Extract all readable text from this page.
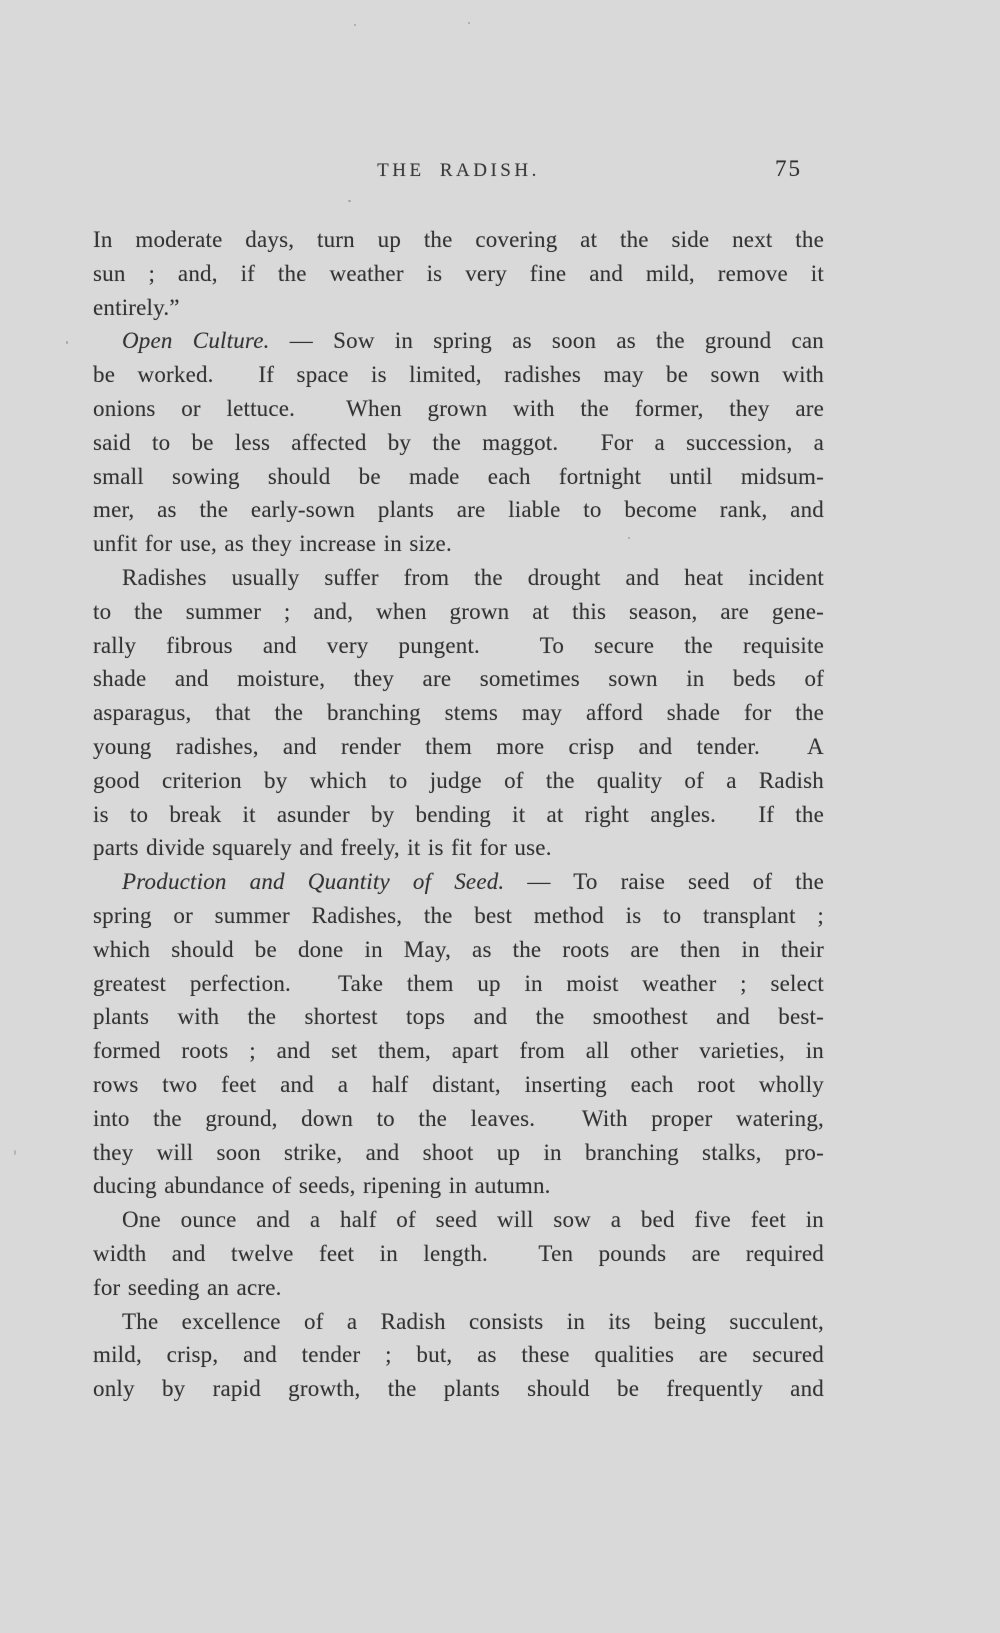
THE RADISH.	75
In moderate days, turn up the covering at the side next the
sun ; and, if the weather is very fine and mild, remove it
entirely.”
Open Culture. — Sow in spring as soon as the ground can
be worked.  If space is limited, radishes may be sown with
onions or lettuce.  When grown with the former, they are
said to be less affected by the maggot.  For a succession, a
small sowing should be made each fortnight until midsum-
mer, as the early-sown plants are liable to become rank, and
unfit for use, as they increase in size.
Radishes usually suffer from the drought and heat incident
to the summer ; and, when grown at this season, are gene-
rally fibrous and very pungent.  To secure the requisite
shade and moisture, they are sometimes sown in beds of
asparagus, that the branching stems may afford shade for the
young radishes, and render them more crisp and tender.  A
good criterion by which to judge of the quality of a Radish
is to break it asunder by bending it at right angles.  If the
parts divide squarely and freely, it is fit for use.
Production and Quantity of Seed. — To raise seed of the
spring or summer Radishes, the best method is to transplant ;
which should be done in May, as the roots are then in their
greatest perfection.  Take them up in moist weather ; select
plants with the shortest tops and the smoothest and best-
formed roots ; and set them, apart from all other varieties, in
rows two feet and a half distant, inserting each root wholly
into the ground, down to the leaves.  With proper watering,
they will soon strike, and shoot up in branching stalks, pro-
ducing abundance of seeds, ripening in autumn.
One ounce and a half of seed will sow a bed five feet in
width and twelve feet in length.  Ten pounds are required
for seeding an acre.
The excellence of a Radish consists in its being succulent,
mild, crisp, and tender ; but, as these qualities are secured
only by rapid growth, the plants should be frequently and
